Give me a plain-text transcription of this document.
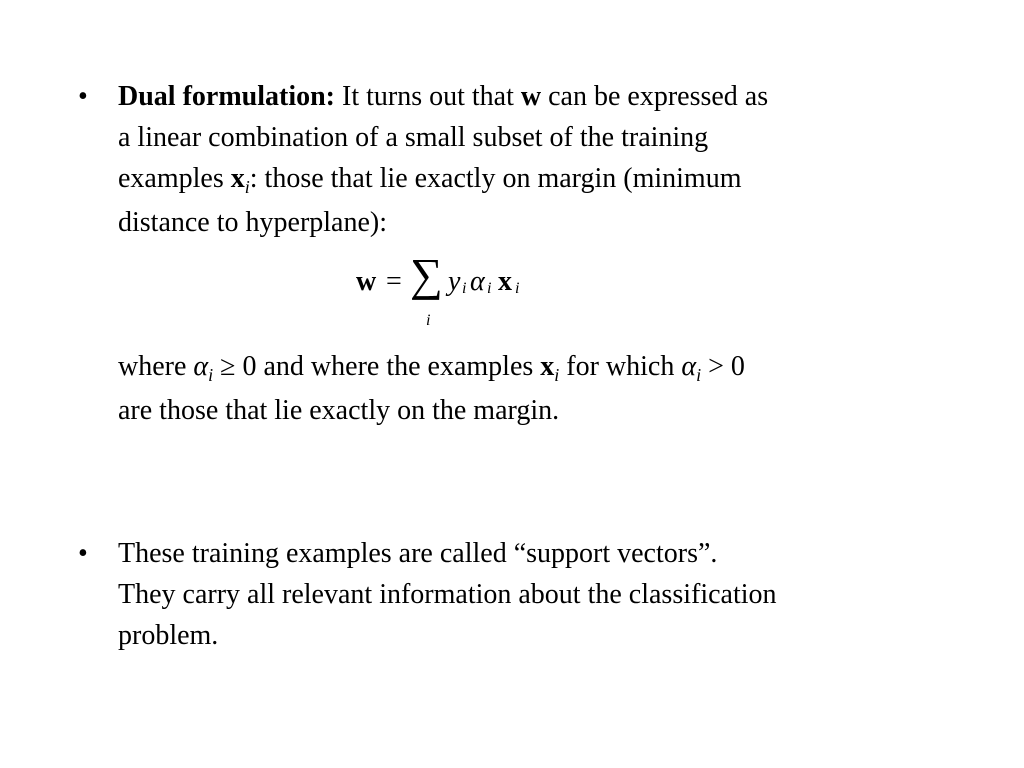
• Dual formulation: It turns out that w can be expressed as
a linear combination of a small subset of the training
examples $x_i$: those that lie exactly on margin (minimum
distance to hyperplane):
w = ∑
i
y i α i x i
where $\alpha_i \ge 0$ and where the examples $x_i$ for which $\alpha_i > 0$
are those that lie exactly on the margin.
• These training examples are called “support vectors”.
They carry all relevant information about the classification
problem.
